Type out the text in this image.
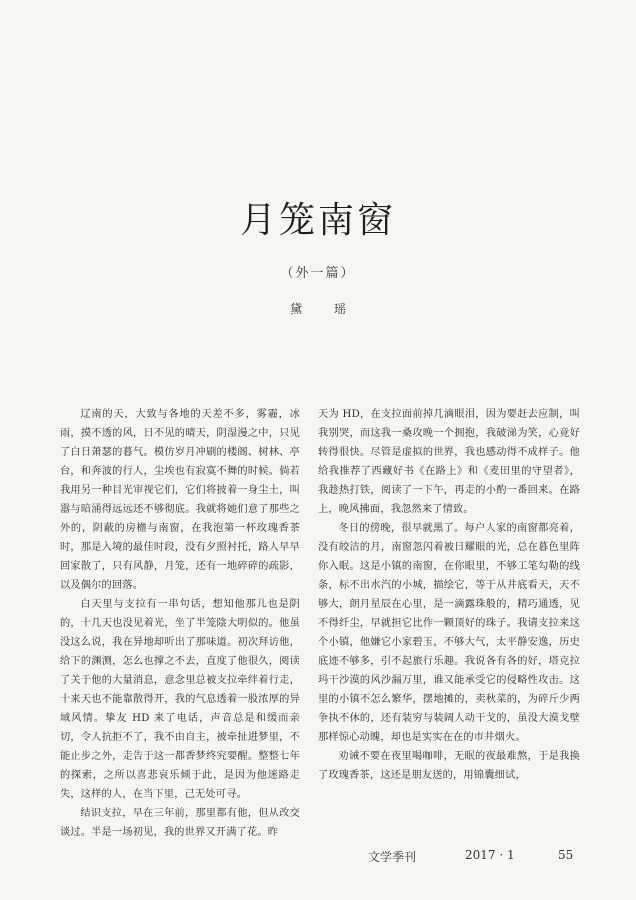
月笼南窗
（外一篇）
黛 瑶

辽南的天，大致与各地的天差不多，雾霾，冰雨，摸不透的风，日不见的晴天，阴湿漫之中，只见了白日萧瑟的暮气。模仿岁月冲刷的楼阁、树林、亭台，和奔波的行人，尘埃也有寂寞不舞的时候。倘若我用另一种目光审视它们，它们将披着一身尘土，叫嚣与暗涌得远远还不够彻底。我就将她们意了那些之外的，阴蔽的房檐与南窗，在我泡第一杯玫瑰香茶时，那是入境的最佳时段，没有夕照衬托，路人早早回家散了，只有风静，月笼，还有一地碎碎的疏影，以及偶尔的回落。

白天里与支拉有一串句话，想知他那儿也是阴的，十几天也没见着光，坐了半笼陰大明似的。他虽没这么说，我在异地却听出了那味道。初次拜访他，给下的渊测，怎么也撑之不去，直度了他很久，阅读了关于他的大量消息，意念里总被支拉牵绊着行走，十来天也不能靠散得开，我的气息透着一股浓厚的异域风情。挚友 HD 来了电话，声音总是和缓而亲切，令人抗拒不了，我不由自主，被牵扯进梦里，不能止步之外，走告于这一都香梦终究要醒。整整七年的探索，之所以喜悲哀乐倾于此，是因为他迷路走失，这样的人，在当下里，己无处可寻。

结识支拉，早在三年前，那里都有他，但从改交谈过。半是一场初见，我的世界又开满了花。昨

天为 HD，在支拉面前掉几滴眼泪，因为要赶去应制，叫我别哭，而这我一桑攻晚一个拥抱，我破涕为笑，心竟好转得很快。尽管是虚拟的世界，我也感动得不成样子。他给我推荐了西藏好书《在路上》和《麦田里的守望者》，我趁热打铁，阅读了一下午，再走的小酌一番回来。在路上，晚风拂面，我忽然来了情致。

冬日的傍晚，很早就黑了。每户人家的南窗都亮着，没有皎洁的月，南窗忽闪着被日耀眼的光，总在暮色里阵你入眠。这是小镇的南窗，在你眼里，不够工笔勾勒的线条，标不出水汽的小城，描绘它，等于从井底看天，天不够大，朗月星辰在心里，是一滴露珠般的，精巧通透，见不得纤尘，早就担它比作一颗顶好的珠子。我请支拉来这个小镇，他嫌它小家碧玉，不够大气，太平静安逸，历史底迹不够多，引不起旅行乐趣。我说各有各的好，塔克拉玛干沙漠的风沙漏万里，谁又能承受它的侵略性攻击。这里的小镇不怎么繁华，摆地摊的，卖秋菜的，为碎斤少两争执不休的，还有装穷与装阔人动干戈的，虽没大漠戈壁那样惊心动魄，却也是实实在在的市井烟火。

劝诫不要在夜里喝咖啡，无眠的夜最难熬，于是我换了玫瑰香茶，这还是朋友送的，用锦囊细试，

文学季刊	2017 · 1	55
